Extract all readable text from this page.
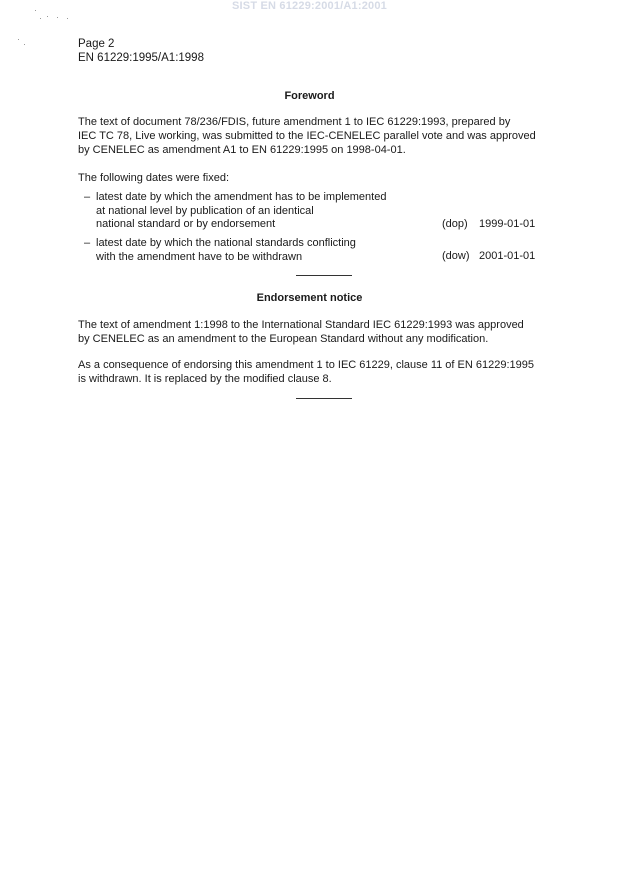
SIST EN 61229:2001/A1:2001
Page 2
EN 61229:1995/A1:1998
Foreword
The text of document 78/236/FDIS, future amendment 1 to IEC 61229:1993, prepared by
IEC TC 78, Live working, was submitted to the IEC-CENELEC parallel vote and was approved
by CENELEC as amendment A1 to EN 61229:1995 on 1998-04-01.
The following dates were fixed:
– latest date by which the amendment has to be implemented
at national level by publication of an identical
national standard or by endorsement	(dop) 1999-01-01
– latest date by which the national standards conflicting
with the amendment have to be withdrawn	(dow) 2001-01-01
Endorsement notice
The text of amendment 1:1998 to the International Standard IEC 61229:1993 was approved
by CENELEC as an amendment to the European Standard without any modification.
As a consequence of endorsing this amendment 1 to IEC 61229, clause 11 of EN 61229:1995
is withdrawn. It is replaced by the modified clause 8.
